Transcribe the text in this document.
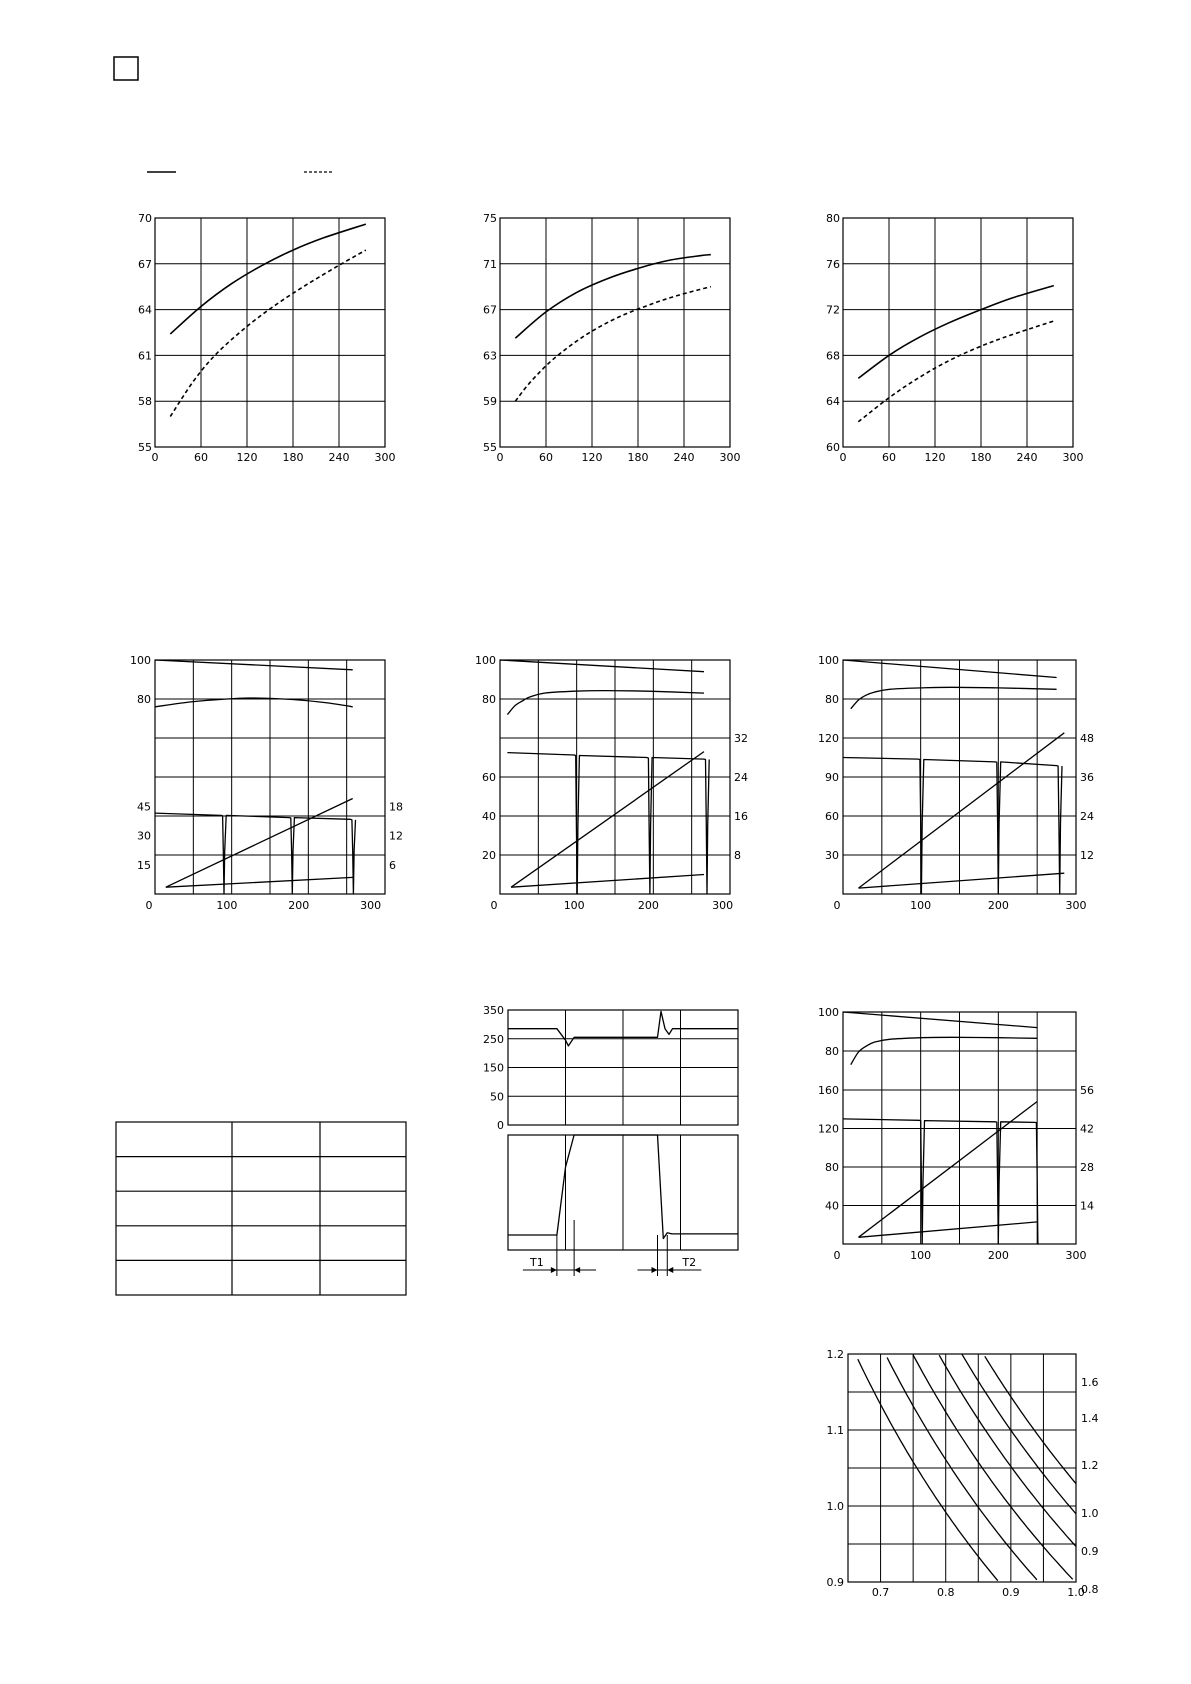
0	60	120 180 240 300
55
58
61
64
67
70
0	60	120 180 240 300
55
59
63
67
71
75
0	60	120 180 240 300
60
64
68
72
76
80
0	100	200	300
80
100
15
30
45
6
12
18
0	100	200	300
80
100
20
40
60
8
16
24
32
0	100	200	300
80
100
30
60
90
120
12
24
36
48
0	100	200	300
80
100
40
80
120
160
14
28
42
56
0
50
150
250
350
T1	T2
0.7	0.8	0.9	1.0
0.9
1.0
1.1
1.2
1.6
1.4
1.2
1.0
0.9
0.8
